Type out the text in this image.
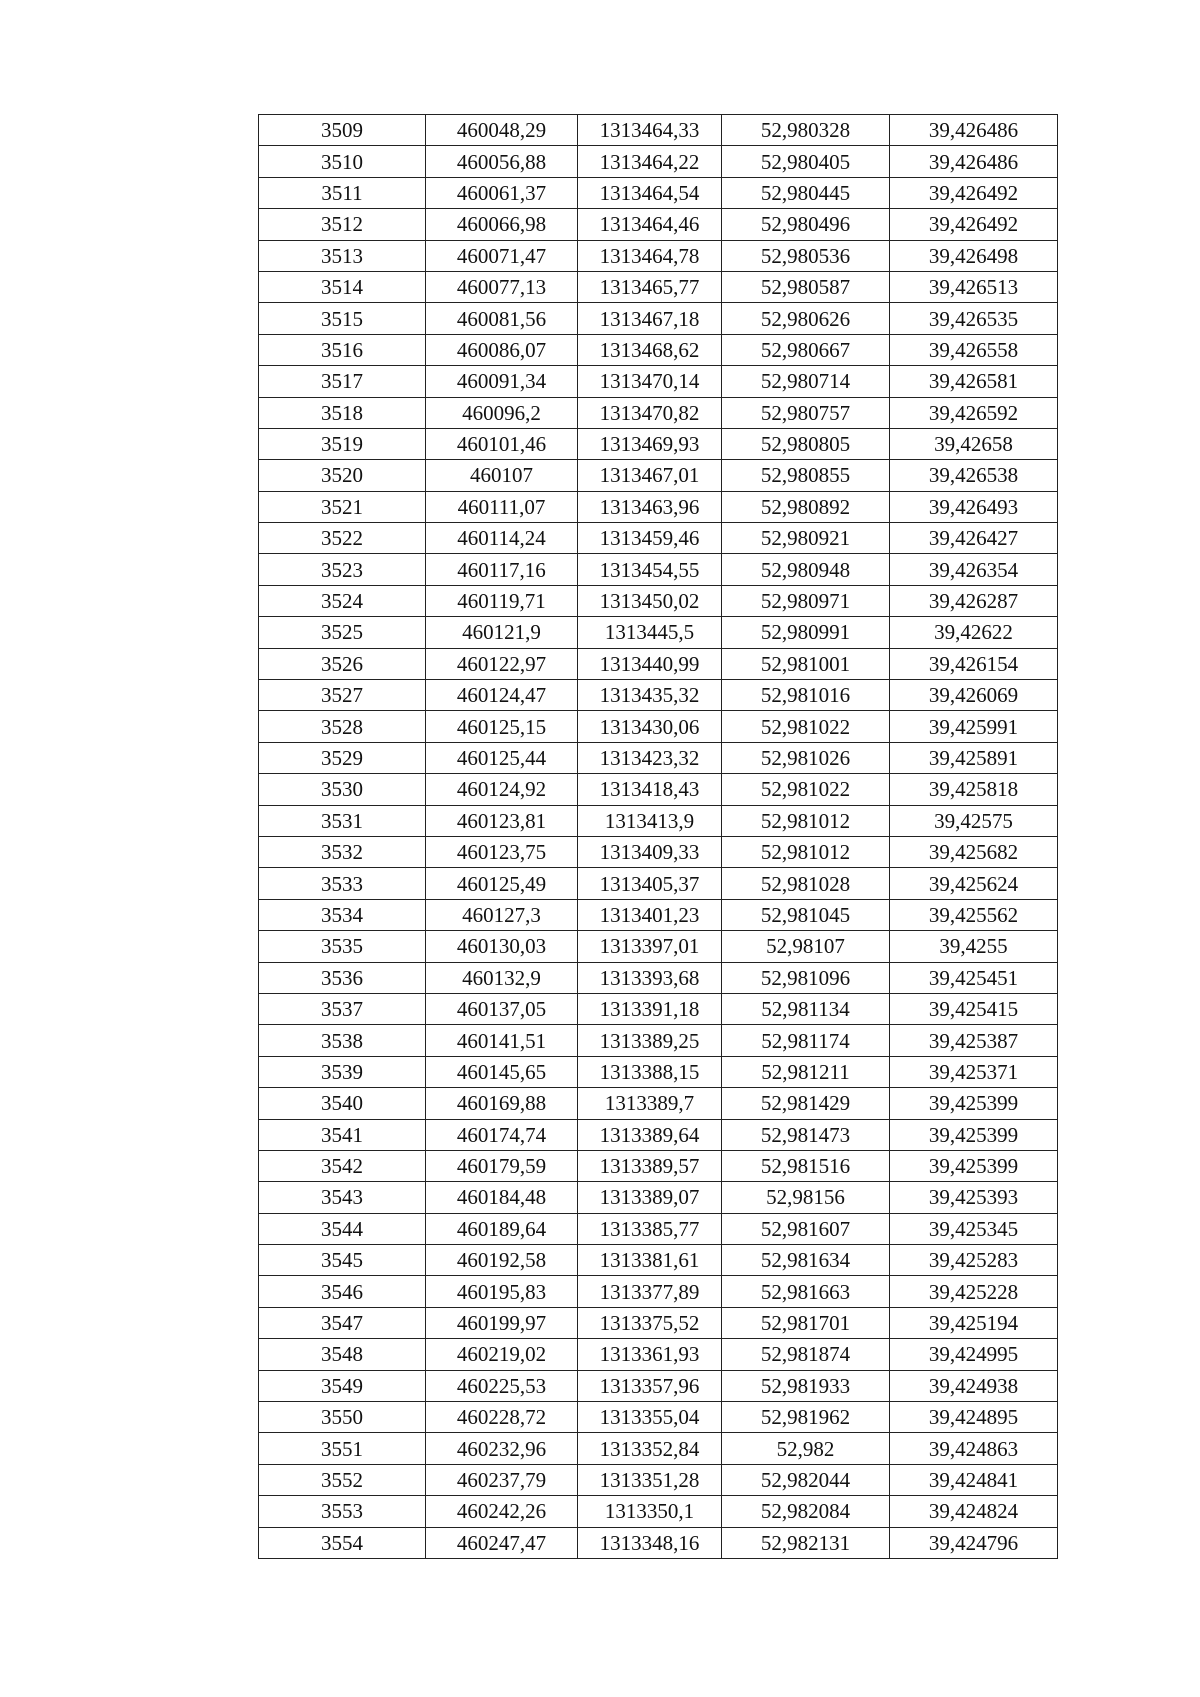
3509	460048,29	1313464,33	52,980328	39,426486
3510	460056,88	1313464,22	52,980405	39,426486
3511	460061,37	1313464,54	52,980445	39,426492
3512	460066,98	1313464,46	52,980496	39,426492
3513	460071,47	1313464,78	52,980536	39,426498
3514	460077,13	1313465,77	52,980587	39,426513
3515	460081,56	1313467,18	52,980626	39,426535
3516	460086,07	1313468,62	52,980667	39,426558
3517	460091,34	1313470,14	52,980714	39,426581
3518	460096,2	1313470,82	52,980757	39,426592
3519	460101,46	1313469,93	52,980805	39,42658
3520	460107	1313467,01	52,980855	39,426538
3521	460111,07	1313463,96	52,980892	39,426493
3522	460114,24	1313459,46	52,980921	39,426427
3523	460117,16	1313454,55	52,980948	39,426354
3524	460119,71	1313450,02	52,980971	39,426287
3525	460121,9	1313445,5	52,980991	39,42622
3526	460122,97	1313440,99	52,981001	39,426154
3527	460124,47	1313435,32	52,981016	39,426069
3528	460125,15	1313430,06	52,981022	39,425991
3529	460125,44	1313423,32	52,981026	39,425891
3530	460124,92	1313418,43	52,981022	39,425818
3531	460123,81	1313413,9	52,981012	39,42575
3532	460123,75	1313409,33	52,981012	39,425682
3533	460125,49	1313405,37	52,981028	39,425624
3534	460127,3	1313401,23	52,981045	39,425562
3535	460130,03	1313397,01	52,98107	39,4255
3536	460132,9	1313393,68	52,981096	39,425451
3537	460137,05	1313391,18	52,981134	39,425415
3538	460141,51	1313389,25	52,981174	39,425387
3539	460145,65	1313388,15	52,981211	39,425371
3540	460169,88	1313389,7	52,981429	39,425399
3541	460174,74	1313389,64	52,981473	39,425399
3542	460179,59	1313389,57	52,981516	39,425399
3543	460184,48	1313389,07	52,98156	39,425393
3544	460189,64	1313385,77	52,981607	39,425345
3545	460192,58	1313381,61	52,981634	39,425283
3546	460195,83	1313377,89	52,981663	39,425228
3547	460199,97	1313375,52	52,981701	39,425194
3548	460219,02	1313361,93	52,981874	39,424995
3549	460225,53	1313357,96	52,981933	39,424938
3550	460228,72	1313355,04	52,981962	39,424895
3551	460232,96	1313352,84	52,982	39,424863
3552	460237,79	1313351,28	52,982044	39,424841
3553	460242,26	1313350,1	52,982084	39,424824
3554	460247,47	1313348,16	52,982131	39,424796
